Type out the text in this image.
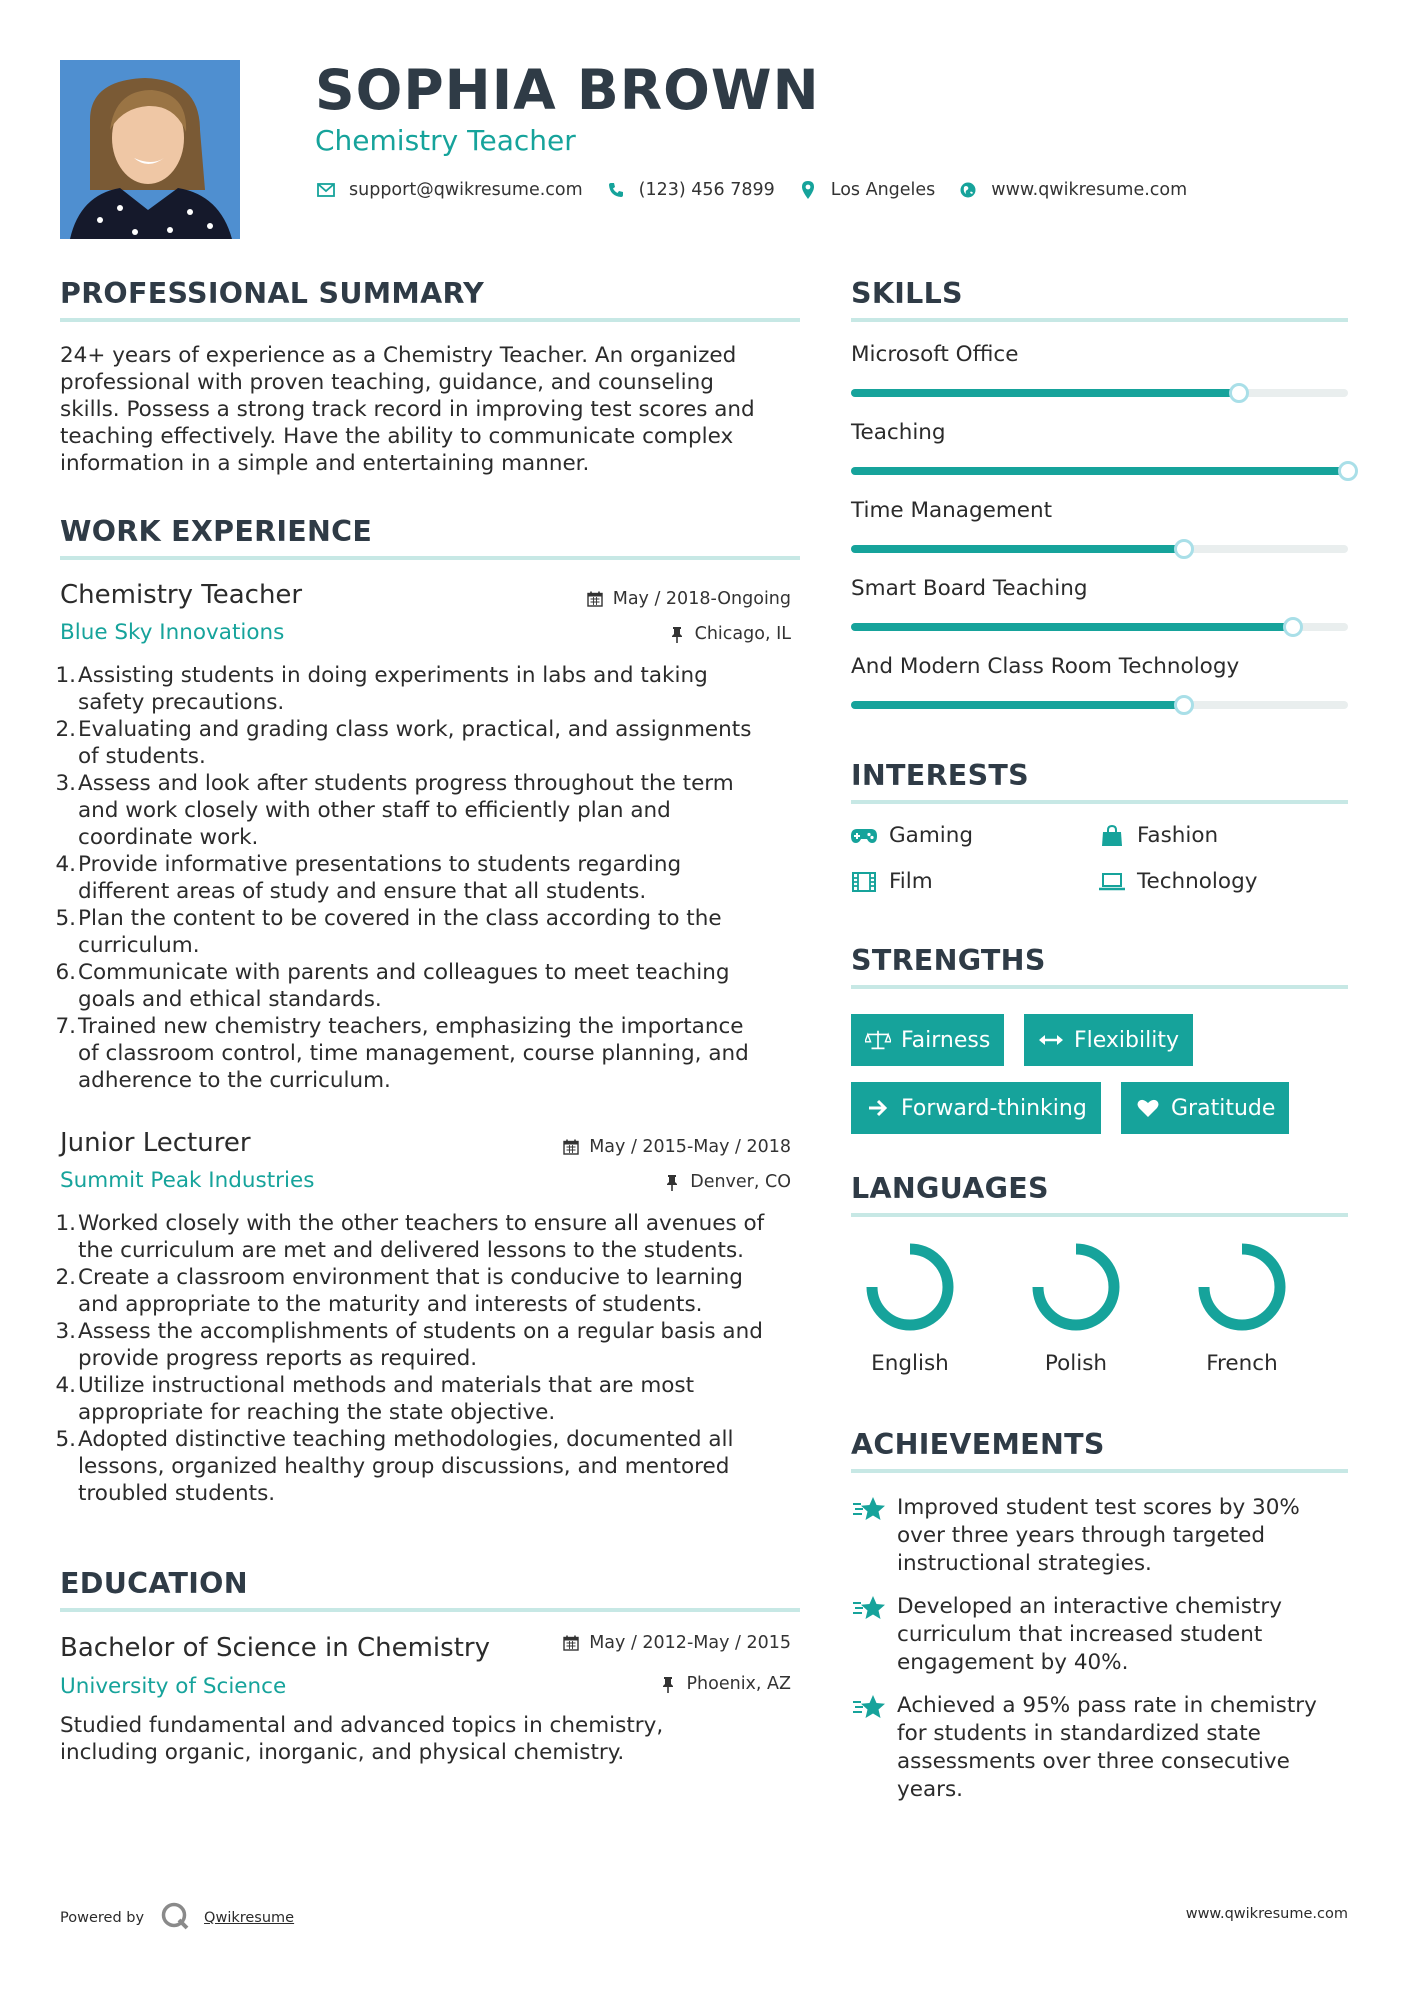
SOPHIA BROWN
Chemistry Teacher
support@qwikresume.com	(123) 456 7899	Los Angeles	www.qwikresume.com
PROFESSIONAL SUMMARY
24+ years of experience as a Chemistry Teacher. An organized
professional with proven teaching, guidance, and counseling
skills. Possess a strong track record in improving test scores and
teaching effectively. Have the ability to communicate complex
information in a simple and entertaining manner.
WORK EXPERIENCE
Chemistry Teacher	May / 2018-Ongoing
Blue Sky Innovations	Chicago, IL
1. Assisting students in doing experiments in labs and taking
safety precautions.
2. Evaluating and grading class work, practical, and assignments
of students.
3. Assess and look after students progress throughout the term
and work closely with other staff to efficiently plan and
coordinate work.
4. Provide informative presentations to students regarding
different areas of study and ensure that all students.
5. Plan the content to be covered in the class according to the
curriculum.
6. Communicate with parents and colleagues to meet teaching
goals and ethical standards.
7. Trained new chemistry teachers, emphasizing the importance
of classroom control, time management, course planning, and
adherence to the curriculum.
Junior Lecturer	May / 2015-May / 2018
Summit Peak Industries	Denver, CO
1. Worked closely with the other teachers to ensure all avenues of
the curriculum are met and delivered lessons to the students.
2. Create a classroom environment that is conducive to learning
and appropriate to the maturity and interests of students.
3. Assess the accomplishments of students on a regular basis and
provide progress reports as required.
4. Utilize instructional methods and materials that are most
appropriate for reaching the state objective.
5. Adopted distinctive teaching methodologies, documented all
lessons, organized healthy group discussions, and mentored
troubled students.
EDUCATION
Bachelor of Science in Chemistry	May / 2012-May / 2015
University of Science	Phoenix, AZ
Studied fundamental and advanced topics in chemistry,
including organic, inorganic, and physical chemistry.
SKILLS
Microsoft Office
Teaching
Time Management
Smart Board Teaching
And Modern Class Room Technology
INTERESTS
Gaming	Fashion
Film	Technology
STRENGTHS
Fairness	Flexibility
Forward-thinking	Gratitude
LANGUAGES
English	Polish	French
ACHIEVEMENTS
Improved student test scores by 30%
over three years through targeted
instructional strategies.
Developed an interactive chemistry
curriculum that increased student
engagement by 40%.
Achieved a 95% pass rate in chemistry
for students in standardized state
assessments over three consecutive
years.
Powered by	Qwikresume	www.qwikresume.com
